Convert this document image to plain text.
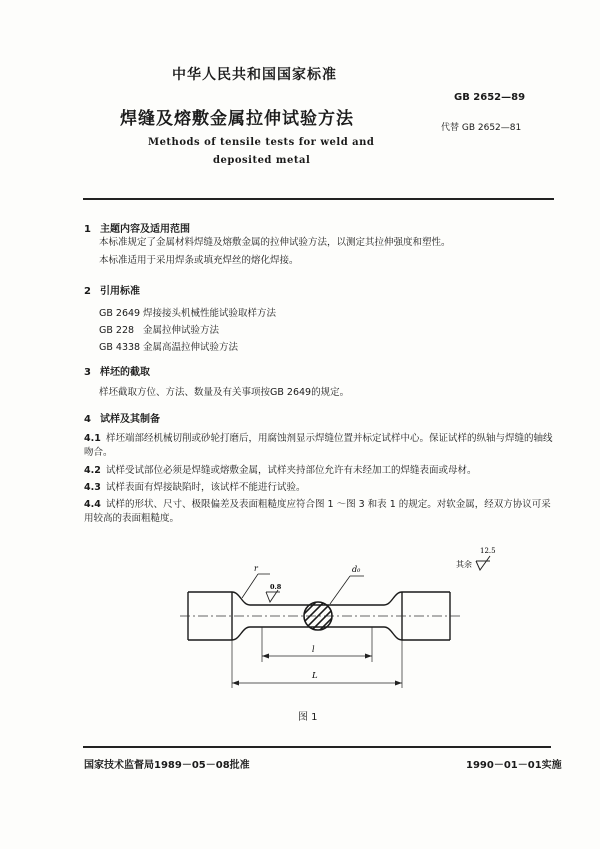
中华人民共和国国家标准
GB 2652—89
焊缝及熔敷金属拉伸试验方法	代替 GB 2652—81
Methods of tensile tests for weld and
deposited metal
1 主题内容及适用范围
本标准规定了金属材料焊缝及熔敷金属的拉伸试验方法，以测定其拉伸强度和塑性。
本标准适用于采用焊条或填充焊丝的熔化焊接。
2 引用标准
GB 2649 焊接接头机械性能试验取样方法
GB 228 金属拉伸试验方法
GB 4338 金属高温拉伸试验方法
3 样坯的截取
样坯截取方位、方法、数量及有关事项按GB 2649的规定。
4 试样及其制备
4.1 样坯端部经机械切削或砂轮打磨后，用腐蚀剂显示焊缝位置并标定试样中心。保证试样的纵轴与焊缝的轴线吻合。
4.2 试样受试部位必须是焊缝或熔敷金属，试样夹持部位允许有未经加工的焊缝表面或母材。
4.3 试样表面有焊接缺陷时，该试样不能进行试验。
4.4 试样的形状、尺寸、极限偏差及表面粗糙度应符合图 1 ～图 3 和表 1 的规定。对软金属，经双方协议可采用较高的表面粗糙度。
12.5
其余
r
0.8
d₀
l
L
图 1
国家技术监督局1989－05－08批准	1990－01－01实施
